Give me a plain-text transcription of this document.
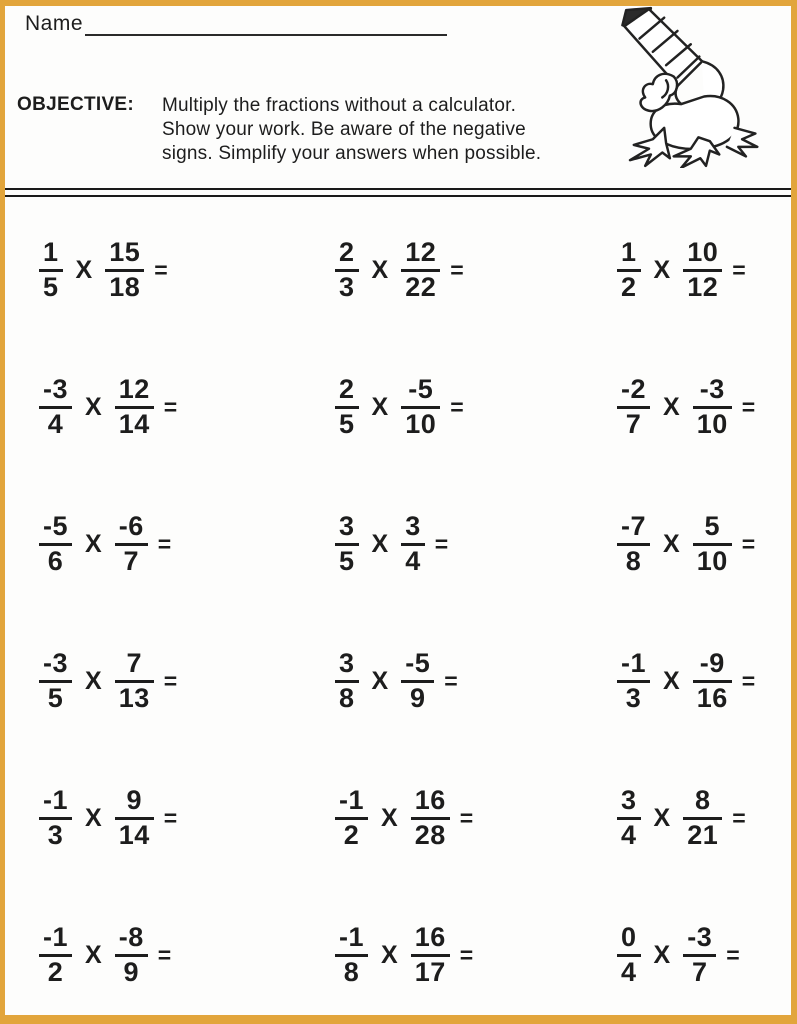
Name
OBJECTIVE:	Multiply the fractions without a calculator.
Show your work. Be aware of the negative
signs. Simplify your answers when possible.
$\frac{1}{5}$ X $\frac{15}{18}$ =	$\frac{2}{3}$ X $\frac{12}{22}$ =	$\frac{1}{2}$ X $\frac{10}{12}$ =
$\frac{-3}{4}$ X $\frac{12}{14}$ =	$\frac{2}{5}$ X $\frac{-5}{10}$ =	$\frac{-2}{7}$ X $\frac{-3}{10}$ =
$\frac{-5}{6}$ X $\frac{-6}{7}$ =	$\frac{3}{5}$ X $\frac{3}{4}$ =	$\frac{-7}{8}$ X $\frac{5}{10}$ =
$\frac{-3}{5}$ X $\frac{7}{13}$ =	$\frac{3}{8}$ X $\frac{-5}{9}$ =	$\frac{-1}{3}$ X $\frac{-9}{16}$ =
$\frac{-1}{3}$ X $\frac{9}{14}$ =	$\frac{-1}{2}$ X $\frac{16}{28}$ =	$\frac{3}{4}$ X $\frac{8}{21}$ =
$\frac{-1}{2}$ X $\frac{-8}{9}$ =	$\frac{-1}{8}$ X $\frac{16}{17}$ =	$\frac{0}{4}$ X $\frac{-3}{7}$ =
